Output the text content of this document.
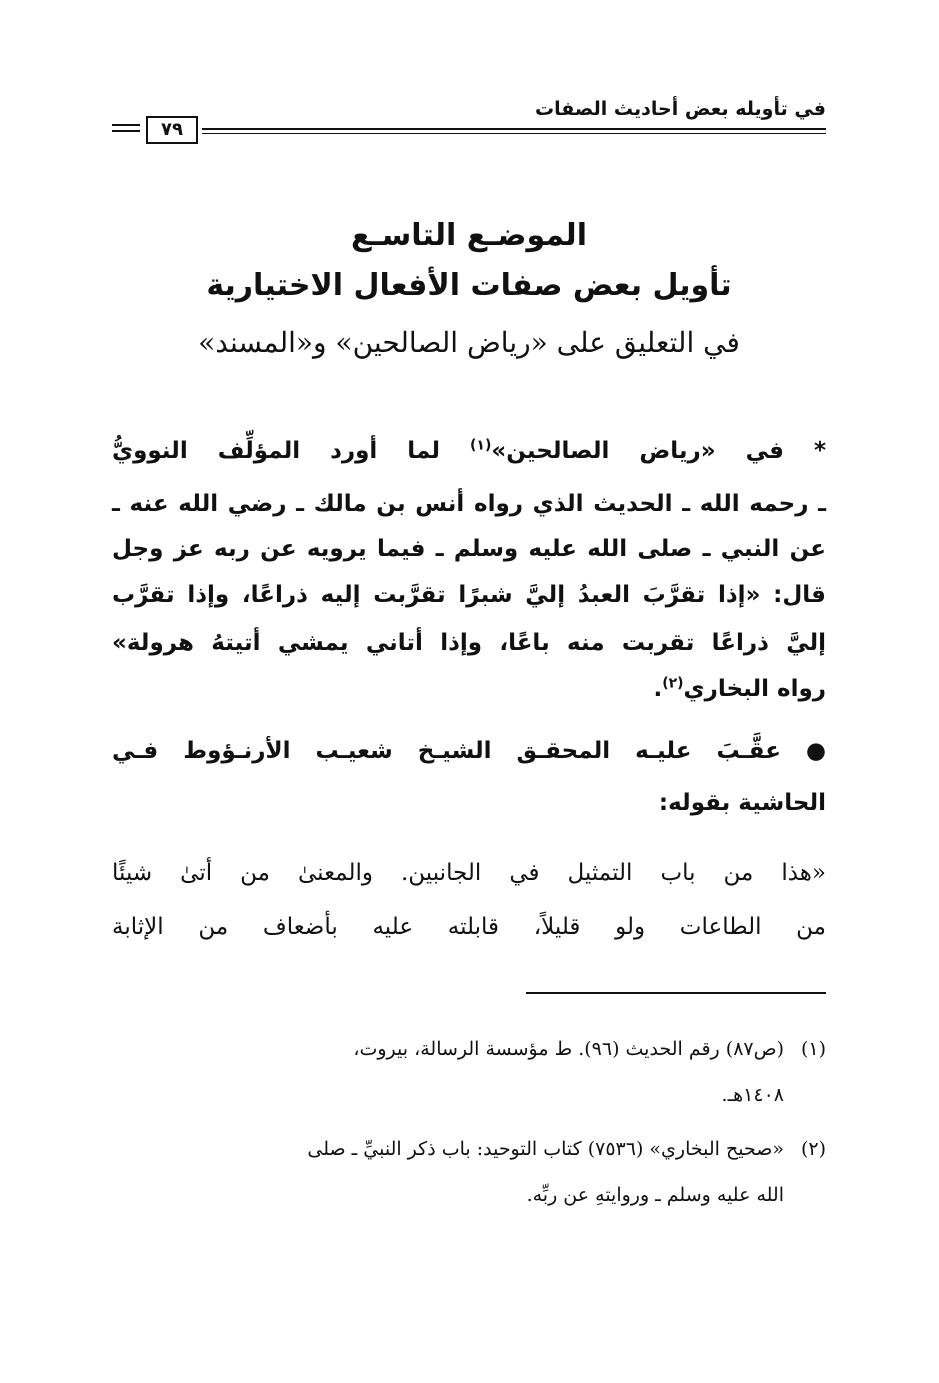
في تأويله بعض أحاديث الصفات
٧٩
الموضـع التاسـع
تأويل بعض صفات الأفعال الاختيارية
في التعليق على «رياض الصالحين» و«المسند»
* في «رياض الصالحين»$^{(١)}$ لما أورد المؤلِّف النوويُّ
ـ رحمه الله ـ الحديث الذي رواه أنس بن مالك ـ رضي الله عنه ـ
عن النبي ـ صلى الله عليه وسلم ـ فيما يرويه عن ربه عز وجل
قال: «إذا تقرَّبَ العبدُ إليَّ شبرًا تقرَّبت إليه ذراعًا، وإذا تقرَّب
إليَّ ذراعًا تقربت منه باعًا، وإذا أتاني يمشي أتيتهُ هرولة»
رواه البخاري$^{(٢)}$.
● عقَّـبَ عليـه المحقـق الشيـخ شعيـب الأرنـؤوط فـي
الحاشية بقوله:
«هذا من باب التمثيل في الجانبين. والمعنىٰ من أتىٰ شيئًا
من الطاعات ولو قليلاً، قابلته عليه بأضعاف من الإثابة
(١)(ص٨٧) رقم الحديث (٩٦). ط مؤسسة الرسالة، بيروت،
١٤٠٨هـ.
(٢)«صحيح البخاري» (٧٥٣٦) كتاب التوحيد: باب ذكر النبيِّ ـ صلى
الله عليه وسلم ـ وروايتهِ عن ربِّه.
